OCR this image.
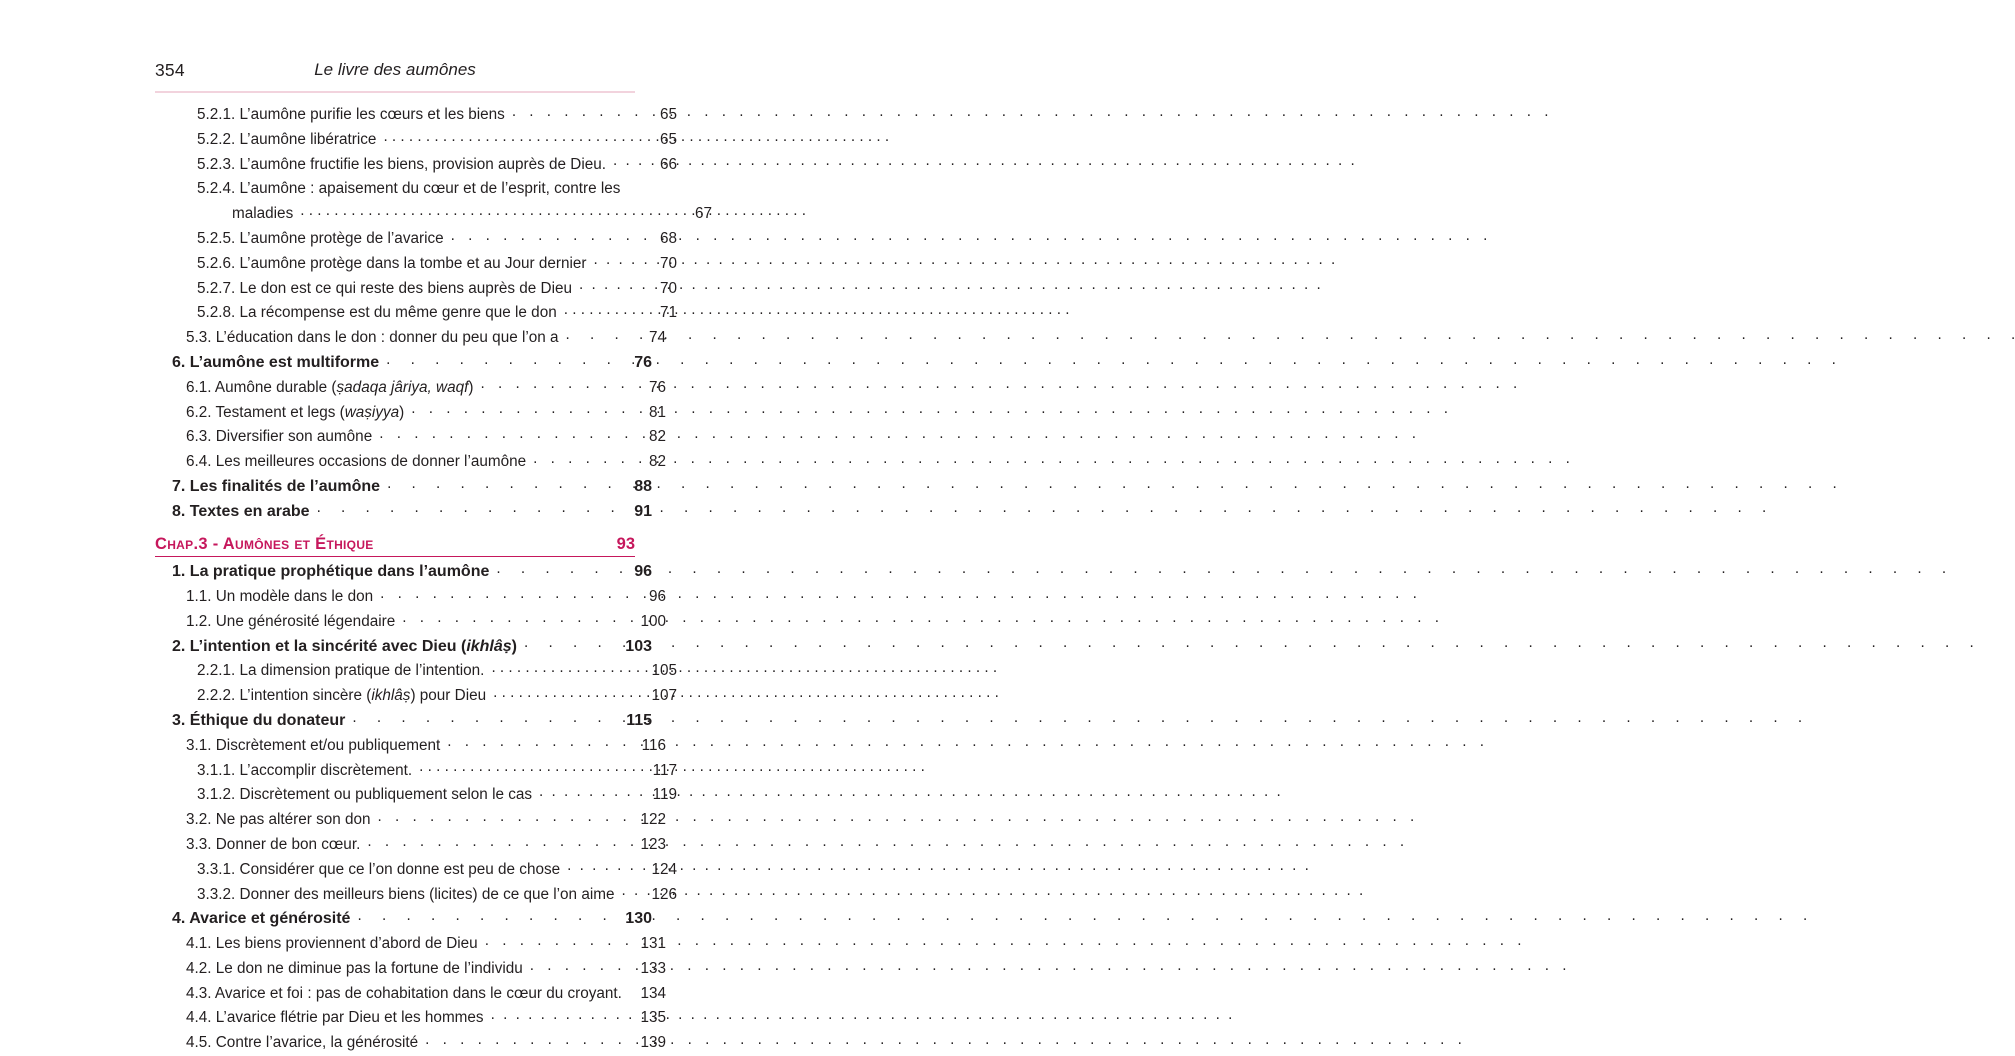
354	Le livre des aumônes
5.2.1. L’aumône purifie les cœurs et les biens . . .	65
5.2.2. L’aumône libératrice . . .	65
5.2.3. L’aumône fructifie les biens, provision auprès de Dieu. . . .	66
5.2.4. L’aumône : apaisement du cœur et de l’esprit, contre les
maladies . . .	67
5.2.5. L’aumône protège de l’avarice . . .	68
5.2.6. L’aumône protège dans la tombe et au Jour dernier . . .	70
5.2.7. Le don est ce qui reste des biens auprès de Dieu . . .	70
5.2.8. La récompense est du même genre que le don . . .	71
5.3. L’éducation dans le don : donner du peu que l’on a . . .	74
6. L’aumône est multiforme . . .	76
6.1. Aumône durable (ṣadaqa jâriya, waqf) . . .	76
6.2. Testament et legs (waṣiyya) . . .	81
6.3. Diversifier son aumône . . .	82
6.4. Les meilleures occasions de donner l’aumône . . .	82
7. Les finalités de l’aumône . . .	88
8. Textes en arabe . . .	91
Chap.3 - Aumônes et Éthique	93
1. La pratique prophétique dans l’aumône . . .	96
1.1. Un modèle dans le don . . .	96
1.2. Une générosité légendaire . . .	100
2. L’intention et la sincérité avec Dieu (ikhlâṣ) . . .	103
2.2.1. La dimension pratique de l’intention. . . .	105
2.2.2. L’intention sincère (ikhlâṣ) pour Dieu . . .	107
3. Éthique du donateur . . .	115
3.1. Discrètement et/ou publiquement . . .	116
3.1.1. L’accomplir discrètement. . . .	117
3.1.2. Discrètement ou publiquement selon le cas . . .	119
3.2. Ne pas altérer son don . . .	122
3.3. Donner de bon cœur. . . .	123
3.3.1. Considérer que ce l’on donne est peu de chose . . .	124
3.3.2. Donner des meilleurs biens (licites) de ce que l’on aime . . .	126
4. Avarice et générosité . . .	130
4.1. Les biens proviennent d’abord de Dieu . . .	131
4.2. Le don ne diminue pas la fortune de l’individu . . .	133
4.3. Avarice et foi : pas de cohabitation dans le cœur du croyant. . . .	134
4.4. L’avarice flétrie par Dieu et les hommes . . .	135
4.5. Contre l’avarice, la générosité . . .	139
